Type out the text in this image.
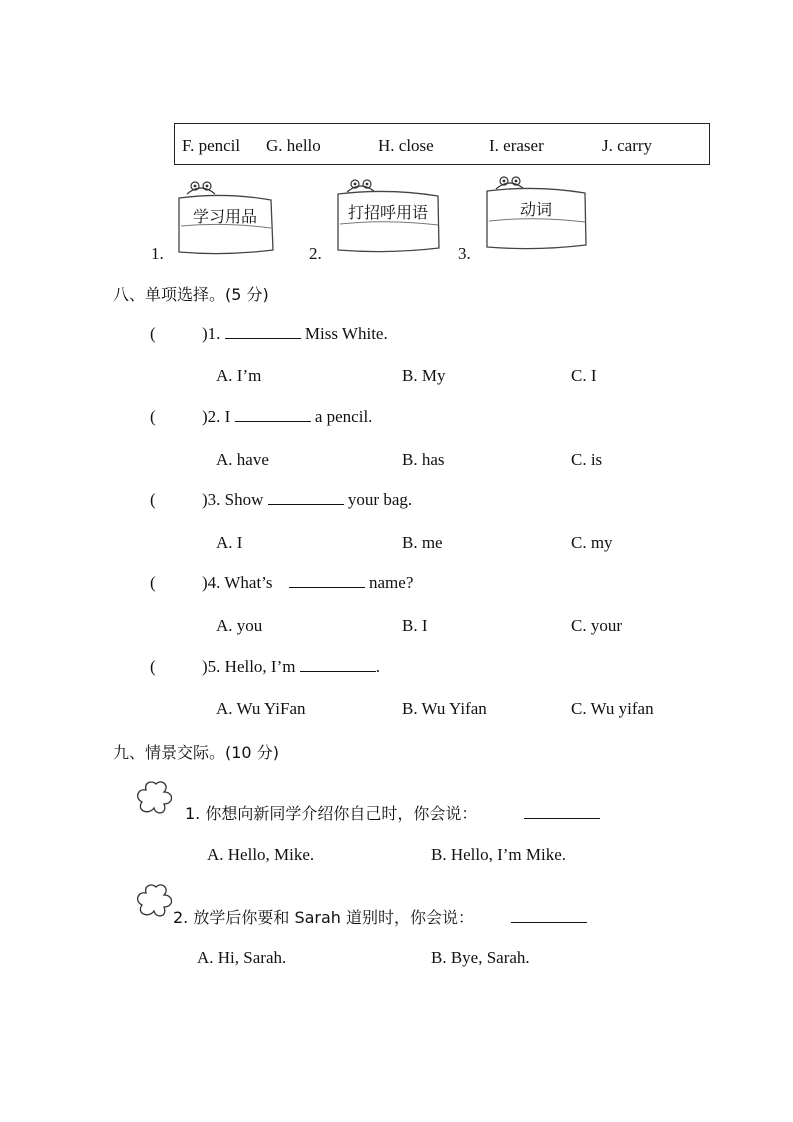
F. pencil G. hello	H. close	I. eraser	J. carry
1.
学习用品
2.
打招呼用语
3.
动词
八、单项选择。(5 分)
(	)1.	Miss White.
A. I’m	B. My	C. I
(	)2. I	a pencil.
A. have	B. has	C. is
(	)3. Show	your bag.
A. I	B. me	C. my
(	)4. What’s	name?
A. you	B. I	C. your
(	)5. Hello, I’m	.
A. Wu YiFan	B. Wu Yifan	C. Wu yifan
九、情景交际。(10 分)
1. 你想向新同学介绍你自己时，你会说：
A. Hello, Mike.	B. Hello, I’m Mike.
2. 放学后你要和 Sarah 道别时，你会说：
A. Hi, Sarah.	B. Bye, Sarah.
